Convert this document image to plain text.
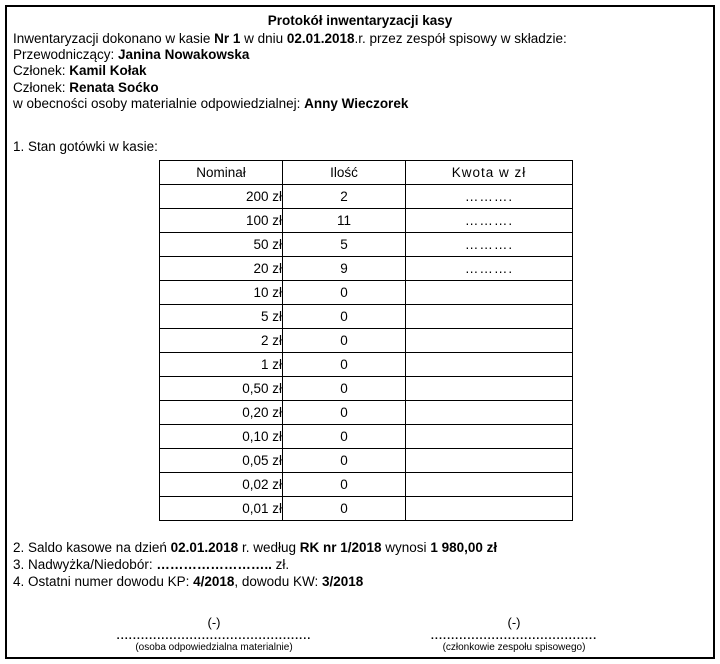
Protokół inwentaryzacji kasy

Inwentaryzacji dokonano w kasie Nr 1 w dniu 02.01.2018.r. przez zespół spisowy w składzie:

Przewodniczący: Janina Nowakowska

Członek: Kamil Kołak

Członek: Renata Soćko

w obecności osoby materialnie odpowiedzialnej: Anny Wieczorek

1. Stan gotówki w kasie:

Nominał	Ilość	Kwota w zł
200 zł	2	……….
100 zł	11	……….
50 zł	5	……….
20 zł	9	……….
10 zł	0	
5 zł	0	
2 zł	0	
1 zł	0	
0,50 zł	0	
0,20 zł	0	
0,10 zł	0	
0,05 zł	0	
0,02 zł	0	
0,01 zł	0	

2. Saldo kasowe na dzień 02.01.2018 r. według RK nr 1/2018 wynosi 1 980,00 zł

3. Nadwyżka/Niedobór: …………………….. zł.

4. Ostatni numer dowodu KP: 4/2018, dowodu KW: 3/2018

(-)
................................................
(osoba odpowiedzialna materialnie)
(-)
.........................................
(członkowie zespołu spisowego)
